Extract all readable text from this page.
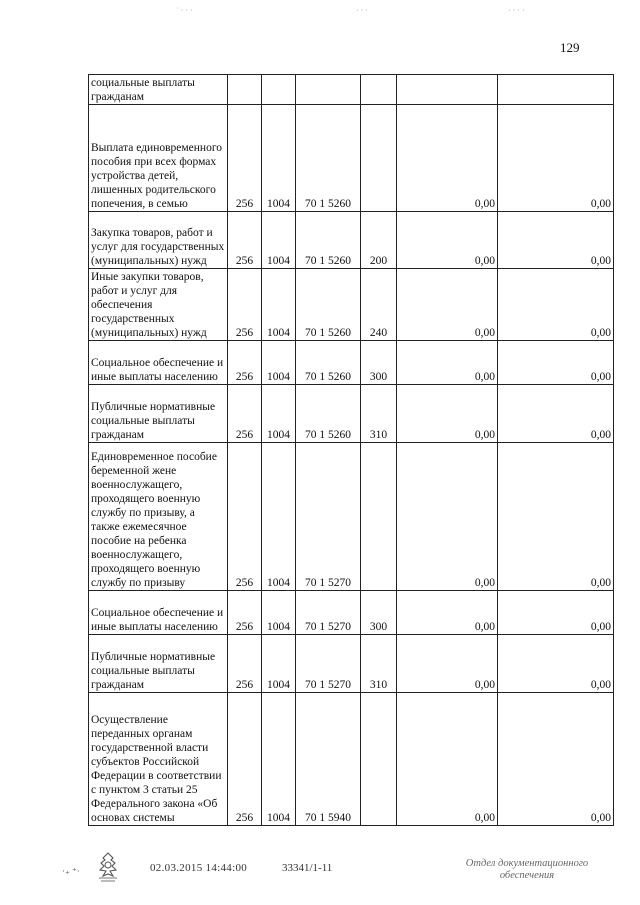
˙ · · ·	· · ·	· · · ·
129
социальные выплаты гражданам						
Выплата единовременного пособия при всех формах устройства детей, лишенных родительского попечения, в семью	256	1004	70 1 5260		0,00	0,00
Закупка товаров, работ и услуг для государственных (муниципальных) нужд	256	1004	70 1 5260	200	0,00	0,00
Иные закупки товаров, работ и услуг для обеспечения государственных (муниципальных) нужд	256	1004	70 1 5260	240	0,00	0,00
Социальное обеспечение и иные выплаты населению	256	1004	70 1 5260	300	0,00	0,00
Публичные нормативные социальные выплаты гражданам	256	1004	70 1 5260	310	0,00	0,00
Единовременное пособие беременной жене военнослужащего, проходящего военную службу по призыву, а также ежемесячное пособие на ребенка военнослужащего, проходящего военную службу по призыву	256	1004	70 1 5270		0,00	0,00
Социальное обеспечение и иные выплаты населению	256	1004	70 1 5270	300	0,00	0,00
Публичные нормативные социальные выплаты гражданам	256	1004	70 1 5270	310	0,00	0,00
Осуществление переданных органам государственной власти субъектов Российской Федерации в соответствии с пунктом 3 статьи 25 Федерального закона «Об основах системы	256	1004	70 1 5940		0,00	0,00
·₊ ⁺·	02.03.2015 14:44:00	33341/1-11	Отдел документационного
обеспечения
